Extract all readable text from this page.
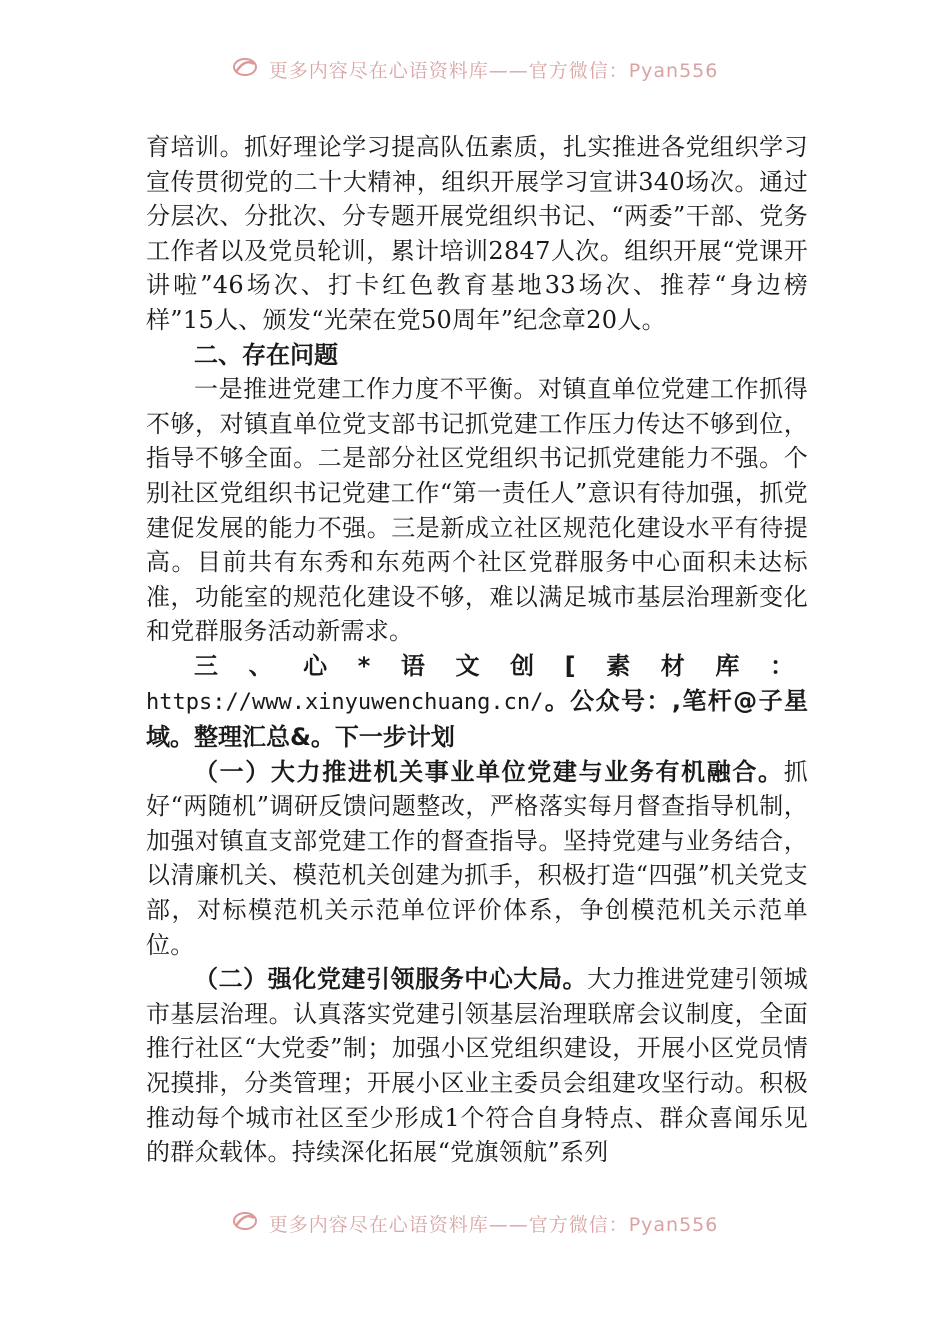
更多内容尽在心语资料库——官方微信：Pyan556

育培训。抓好理论学习提高队伍素质，扎实推进各党组织学习宣传贯彻党的二十大精神，组织开展学习宣讲340场次。通过分层次、分批次、分专题开展党组织书记、“两委”干部、党务工作者以及党员轮训，累计培训2847人次。组织开展“党课开讲啦”46场次、打卡红色教育基地33场次、推荐“身边榜样”15人、颁发“光荣在党50周年”纪念章20人。

二、存在问题

一是推进党建工作力度不平衡。对镇直单位党建工作抓得不够，对镇直单位党支部书记抓党建工作压力传达不够到位，指导不够全面。二是部分社区党组织书记抓党建能力不强。个别社区党组织书记党建工作“第一责任人”意识有待加强，抓党建促发展的能力不强。三是新成立社区规范化建设水平有待提高。目前共有东秀和东苑两个社区党群服务中心面积未达标准，功能室的规范化建设不够，难以满足城市基层治理新变化和党群服务活动新需求。

三、心*语文创[素材库：https://www.xinyuwenchuang.cn/。公众号：,笔杆@子星域。整理汇总&。下一步计划

（一）大力推进机关事业单位党建与业务有机融合。抓好“两随机”调研反馈问题整改，严格落实每月督查指导机制，加强对镇直支部党建工作的督查指导。坚持党建与业务结合，以清廉机关、模范机关创建为抓手，积极打造“四强”机关党支部，对标模范机关示范单位评价体系，争创模范机关示范单位。

（二）强化党建引领服务中心大局。大力推进党建引领城市基层治理。认真落实党建引领基层治理联席会议制度，全面推行社区“大党委”制；加强小区党组织建设，开展小区党员情况摸排，分类管理；开展小区业主委员会组建攻坚行动。积极推动每个城市社区至少形成1个符合自身特点、群众喜闻乐见的群众载体。持续深化拓展“党旗领航”系列

更多内容尽在心语资料库——官方微信：Pyan556
